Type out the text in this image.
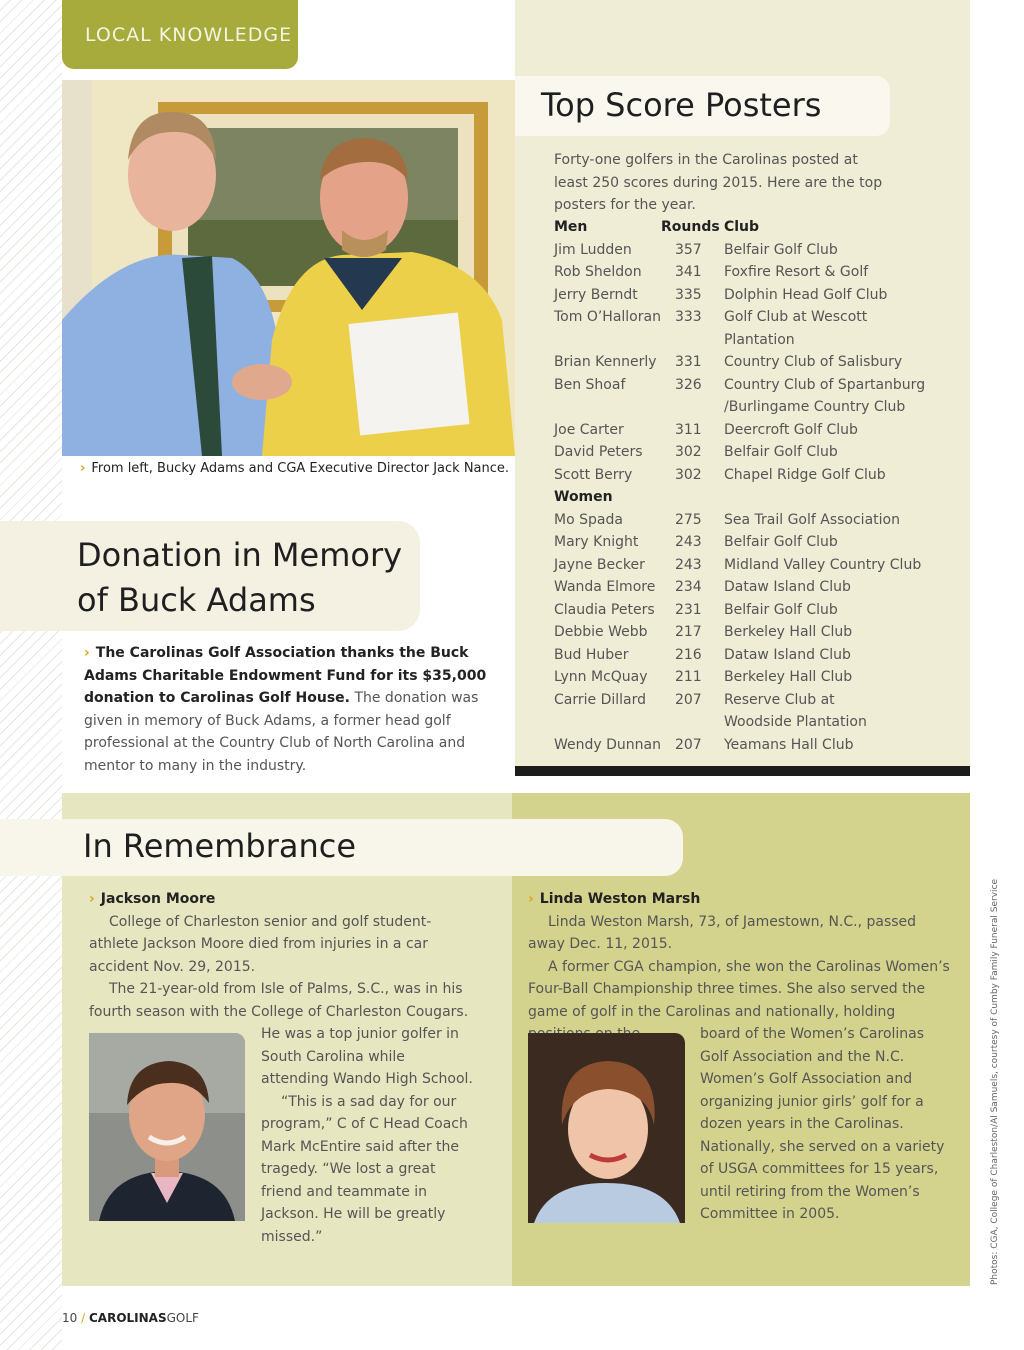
LOCAL KNOWLEDGE
Top Score Posters
› From left, Bucky Adams and CGA Executive Director Jack Nance.
Donation in Memory
of Buck Adams
› The Carolinas Golf Association thanks the Buck Adams Charitable Endowment Fund for its $35,000 donation to Carolinas Golf House. The donation was given in memory of Buck Adams, a former head golf professional at the Country Club of North Carolina and mentor to many in the industry.
Forty-one golfers in the Carolinas posted at least 250 scores during 2015. Here are the top posters for the year.
Men	Rounds	Club
Jim Ludden	357	Belfair Golf Club
Rob Sheldon	341	Foxfire Resort & Golf
Jerry Berndt	335	Dolphin Head Golf Club
Tom O’Halloran	333	Golf Club at Wescott
		Plantation
Brian Kennerly	331	Country Club of Salisbury
Ben Shoaf	326	Country Club of Spartanburg
		/Burlingame Country Club
Joe Carter	311	Deercroft Golf Club
David Peters	302	Belfair Golf Club
Scott Berry	302	Chapel Ridge Golf Club
Women		
Mo Spada	275	Sea Trail Golf Association
Mary Knight	243	Belfair Golf Club
Jayne Becker	243	Midland Valley Country Club
Wanda Elmore	234	Dataw Island Club
Claudia Peters	231	Belfair Golf Club
Debbie Webb	217	Berkeley Hall Club
Bud Huber	216	Dataw Island Club
Lynn McQuay	211	Berkeley Hall Club
Carrie Dillard	207	Reserve Club at
		Woodside Plantation
Wendy Dunnan	207	Yeamans Hall Club
In Remembrance

› Jackson Moore

College of Charleston senior and golf student-athlete Jackson Moore died from injuries in a car accident Nov. 29, 2015.

The 21-year-old from Isle of Palms, S.C., was in his fourth season with the College of Charleston Cougars.

He was a top junior golfer in South Carolina while attending Wando High School.

“This is a sad day for our program,” C of C Head Coach Mark McEntire said after the tragedy. “We lost a great friend and teammate in Jackson. He will be greatly missed.”

› Linda Weston Marsh

Linda Weston Marsh, 73, of Jamestown, N.C., passed away Dec. 11, 2015.

A former CGA champion, she won the Carolinas Women’s Four-Ball Championship three times. She also served the game of golf in the Carolinas and nationally, holding

board of the Women’s Carolinas Golf Association and the N.C. Women’s Golf Association and organizing junior girls’ golf for a dozen years in the Carolinas. Nationally, she served on a variety of USGA committees for 15 years, until retiring from the Women’s Committee in 2005.	Photos: CGA, College of Charleston/Al Samuels, courtesy of Cumby Family Funeral Service
10 / CAROLINASGOLF
